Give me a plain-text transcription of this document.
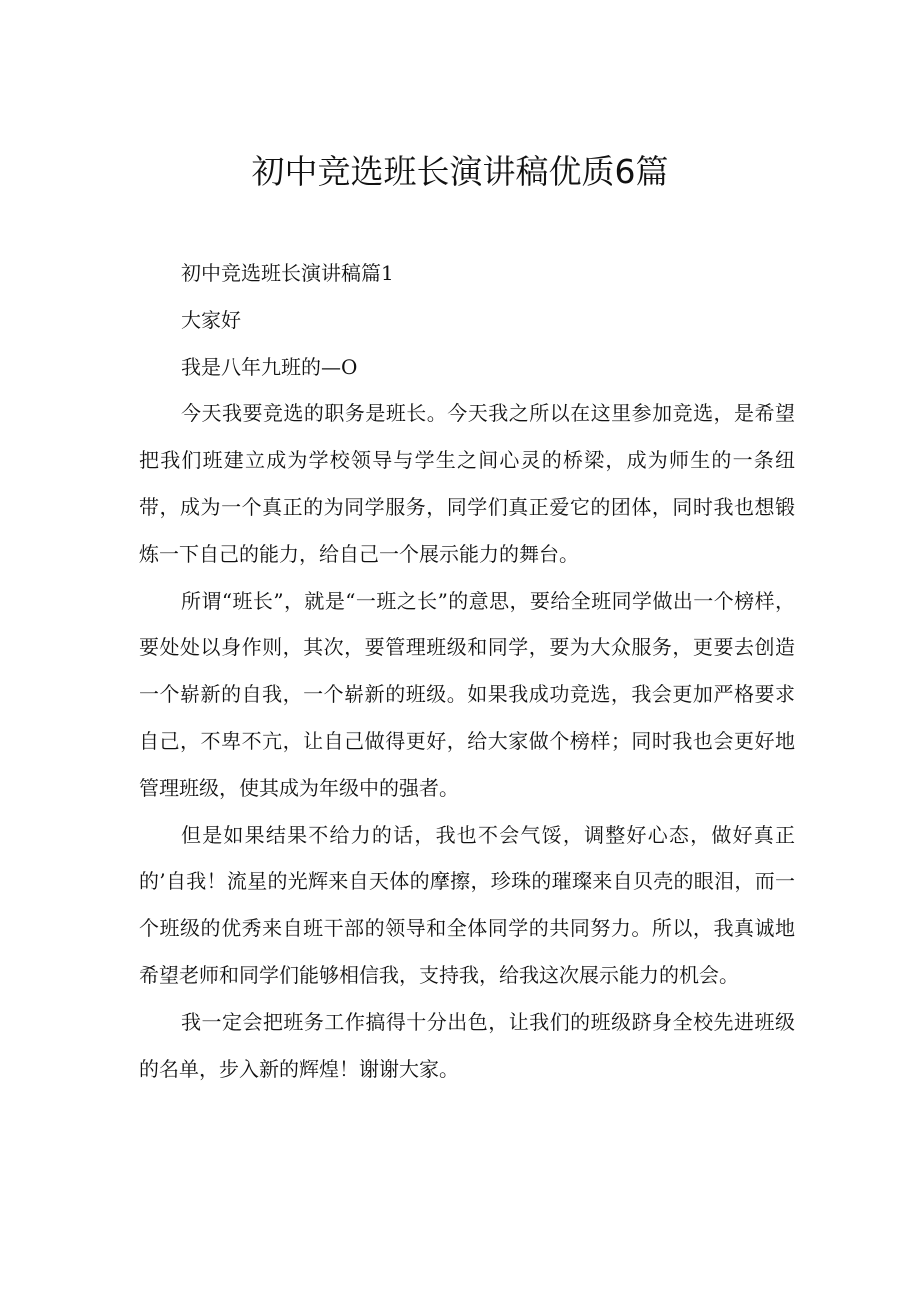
初中竞选班长演讲稿优质6篇

初中竞选班长演讲稿篇1

大家好

我是八年九班的—O

今天我要竞选的职务是班长。今天我之所以在这里参加竞选，是希望把我们班建立成为学校领导与学生之间心灵的桥梁，成为师生的一条纽带，成为一个真正的为同学服务，同学们真正爱它的团体，同时我也想锻炼一下自己的能力，给自己一个展示能力的舞台。

所谓“班长”，就是“一班之长”的意思，要给全班同学做出一个榜样，要处处以身作则，其次，要管理班级和同学，要为大众服务，更要去创造一个崭新的自我，一个崭新的班级。如果我成功竞选，我会更加严格要求自己，不卑不亢，让自己做得更好，给大家做个榜样；同时我也会更好地管理班级，使其成为年级中的强者。

但是如果结果不给力的话，我也不会气馁，调整好心态，做好真正的’自我！流星的光辉来自天体的摩擦，珍珠的璀璨来自贝壳的眼泪，而一个班级的优秀来自班干部的领导和全体同学的共同努力。所以，我真诚地希望老师和同学们能够相信我，支持我，给我这次展示能力的机会。

我一定会把班务工作搞得十分出色，让我们的班级跻身全校先进班级的名单，步入新的辉煌！谢谢大家。
